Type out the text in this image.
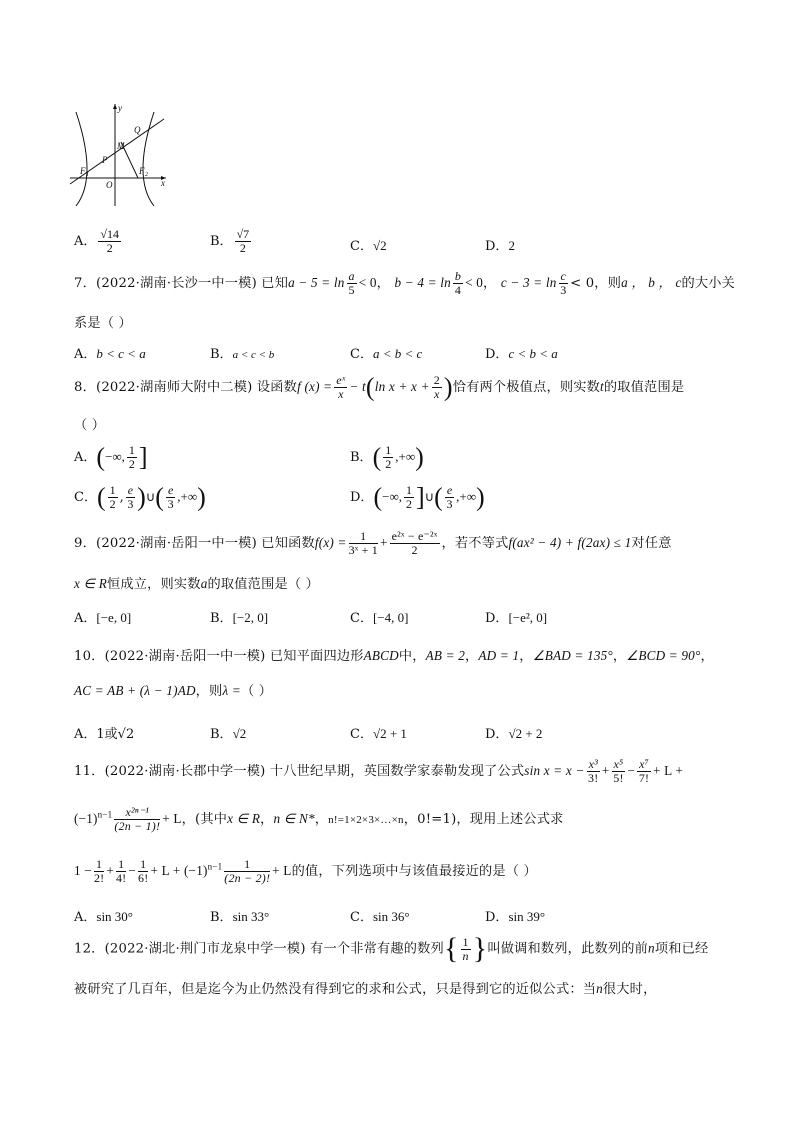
y
x
O
F 1	F 2
P
M
Q
A． $\frac{√14}{2}$	B． $\frac{√7}{2}$	C．√2	D．2
7．(2022·湖南·长沙一中一模) 已知$a - 5 = \ln \frac{a}{5} < 0$， $b - 4 = \ln \frac{b}{4} < 0$， $c - 3 = \ln \frac{c}{3} < 0$，则a ， b ， c的大小关
系是（ ）
A．b < c < a	B．a < c < b	C．a < b < c	D．c < b < a
8．(2022·湖南师大附中二模) 设函数f $(x) = \frac{\text{eˣ}}{x} - t(\ln$ $x + x + \frac{2}{x}$ )恰有两个极值点，则实数t的取值范围是
（ ）
A．(−∞, $\frac{1}{2}$ ]	B．( $\frac{1}{2}$ ,+∞)
C．( $\frac{1}{2}$ , $\frac{e}{3}$ )∪( $\frac{e}{3}$ ,+∞)	D．(−∞, $\frac{1}{2}$ ]∪( $\frac{e}{3}$ ,+∞)
9．(2022·湖南·岳阳一中一模) 已知函数$f(x) = \frac{1}{\text{3ˣ + 1}} + \frac{\text{e²ˣ − e⁻²ˣ}}{2}$ ，若不等式f(ax² − 4) + f(2ax) ≤ 1对任意
x ∈ R恒成立，则实数a的取值范围是（ ）
A．[−e, 0]	B．[−2, 0]	C．[−4, 0]	D．[−e², 0]
10．(2022·湖南·岳阳一中一模) 已知平面四边形ABCD中，AB = 2，AD = 1，∠BAD = 135°，∠BCD = 90°，
AC = AB + (λ − 1)AD，则λ =（ ）
A．1或√2	B．√2	C．√2 + 1	D．√2 + 2
11．(2022·湖南·长郡中学一模) 十八世纪早期，英国数学家泰勒发现了公式$\sin x = x - \frac{\text{x³}}{3!} + \frac{\text{x⁵}}{5!} - \frac{\text{x⁷}}{7!} + L$ +
$(-1)^{n-1} \frac{\text{x²ⁿ⁻¹}}{(2n - 1)!} + L$，(其中x ∈ R，n ∈ N*，n!=1×2×3×…×n，0!=1)，现用上述公式求
$1 - \frac{1}{2!} + \frac{1}{4!} - \frac{1}{6!} + L + (-1)^{n-1} \frac{1}{(2n - 2)!} + L$的值，下列选项中与该值最接近的是（ ）
A．sin 30°	B．sin 33°	C．sin 36°	D．sin 39°
12．(2022·湖北·荆门市龙泉中学一模) 有一个非常有趣的数列{ $\frac{1}{n}$ }叫做调和数列，此数列的前n项和已经
被研究了几百年，但是迄今为止仍然没有得到它的求和公式，只是得到它的近似公式：当n很大时，
